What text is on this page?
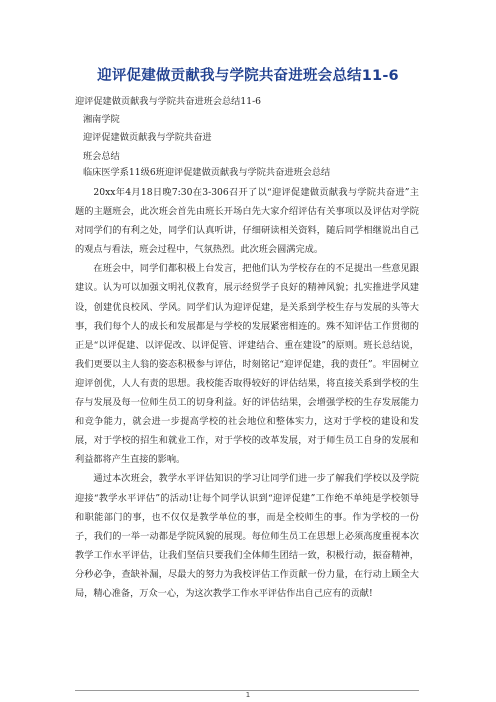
迎评促建做贡献我与学院共奋进班会总结11-6
迎评促建做贡献我与学院共奋进班会总结11-6
湘南学院
迎评促建做贡献我与学院共奋进
班会总结
临床医学系11级6班迎评促建做贡献我与学院共奋进班会总结

20xx年4月18日晚7:30在3-306召开了以“迎评促建做贡献我与学院共奋进”主题的主题班会，此次班会首先由班长开场白先大家介绍评估有关事项以及评估对学院对同学们的有利之处，同学们认真听讲，仔细研读相关资料，随后同学相继说出自己的观点与看法，班会过程中，气氛热烈。此次班会圆满完成。

在班会中，同学们都积极上台发言，把他们认为学校存在的不足提出一些意见跟建议。认为可以加强文明礼仪教育，展示经贸学子良好的精神风貌；扎实推进学风建设，创建优良校风、学风。同学们认为迎评促建，是关系到学校生存与发展的头等大事，我们每个人的成长和发展都是与学校的发展紧密相连的。殊不知评估工作贯彻的正是“以评促建、以评促改、以评促管、评建结合、重在建设”的原则。班长总结说，我们更要以主人翁的姿态积极参与评估，时刻铭记“迎评促建，我的责任”。牢固树立迎评创优，人人有责的思想。我校能否取得较好的评估结果，将直接关系到学校的生存与发展及每一位师生员工的切身利益。好的评估结果，会增强学校的生存发展能力和竞争能力，就会进一步提高学校的社会地位和整体实力，这对于学校的建设和发展，对于学校的招生和就业工作，对于学校的改革发展，对于师生员工自身的发展和利益都将产生直接的影响。

通过本次班会，教学水平评估知识的学习让同学们进一步了解我们学校以及学院迎接“教学水平评估”的活动!让每个同学认识到“迎评促建”工作绝不单纯是学校领导和职能部门的事，也不仅仅是教学单位的事，而是全校师生的事。作为学校的一份子，我们的一举一动都是学院风貌的展现。每位师生员工在思想上必须高度重视本次教学工作水平评估，让我们坚信只要我们全体师生团结一致，积极行动，振奋精神，分秒必争，查缺补漏，尽最大的努力为我校评估工作贡献一份力量，在行动上顾全大局，精心准备，万众一心，为这次教学工作水平评估作出自己应有的贡献!

1
